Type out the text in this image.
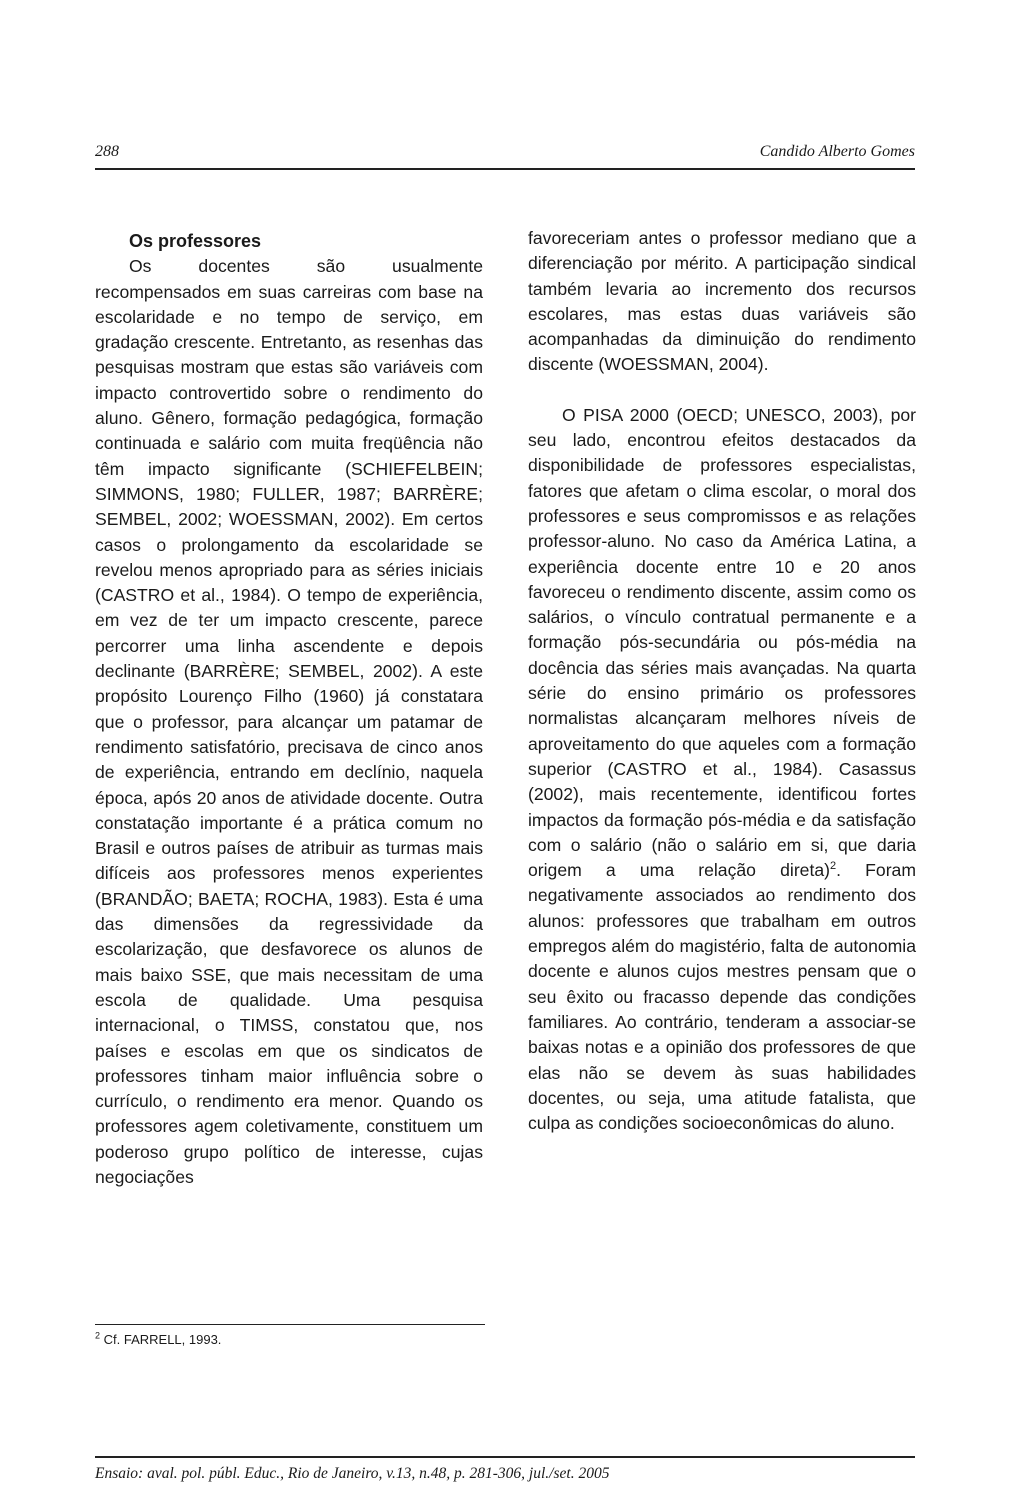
288	Candido Alberto Gomes
Os professores

Os docentes são usualmente recompensados em suas carreiras com base na escolaridade e no tempo de serviço, em gradação crescente. Entretanto, as resenhas das pesquisas mostram que estas são variáveis com impacto controvertido sobre o rendimento do aluno. Gênero, formação pedagógica, formação continuada e salário com muita freqüência não têm impacto significante (SCHIEFELBEIN; SIMMONS, 1980; FULLER, 1987; BARRÈRE; SEMBEL, 2002; WOESSMAN, 2002). Em certos casos o prolongamento da escolaridade se revelou menos apropriado para as séries iniciais (CASTRO et al., 1984). O tempo de experiência, em vez de ter um impacto crescente, parece percorrer uma linha ascendente e depois declinante (BARRÈRE; SEMBEL, 2002). A este propósito Lourenço Filho (1960) já constatara que o professor, para alcançar um patamar de rendimento satisfatório, precisava de cinco anos de experiência, entrando em declínio, naquela época, após 20 anos de atividade docente. Outra constatação importante é a prática comum no Brasil e outros países de atribuir as turmas mais difíceis aos professores menos experientes (BRANDÃO; BAETA; ROCHA, 1983). Esta é uma das dimensões da regressividade da escolarização, que desfavorece os alunos de mais baixo SSE, que mais necessitam de uma escola de qualidade. Uma pesquisa internacional, o TIMSS, constatou que, nos países e escolas em que os sindicatos de professores tinham maior influência sobre o currículo, o rendimento era menor. Quando os professores agem coletivamente, constituem um poderoso grupo político de interesse, cujas negociações

favoreceriam antes o professor mediano que a diferenciação por mérito. A participação sindical também levaria ao incremento dos recursos escolares, mas estas duas variáveis são acompanhadas da diminuição do rendimento discente (WOESSMAN, 2004).

O PISA 2000 (OECD; UNESCO, 2003), por seu lado, encontrou efeitos destacados da disponibilidade de professores especialistas, fatores que afetam o clima escolar, o moral dos professores e seus compromissos e as relações professor-aluno. No caso da América Latina, a experiência docente entre 10 e 20 anos favoreceu o rendimento discente, assim como os salários, o vínculo contratual permanente e a formação pós-secundária ou pós-média na docência das séries mais avançadas. Na quarta série do ensino primário os professores normalistas alcançaram melhores níveis de aproveitamento do que aqueles com a formação superior (CASTRO et al., 1984). Casassus (2002), mais recentemente, identificou fortes impactos da formação pós-média e da satisfação com o salário (não o salário em si, que daria origem a uma relação direta)$^2$. Foram negativamente associados ao rendimento dos alunos: professores que trabalham em outros empregos além do magistério, falta de autonomia docente e alunos cujos mestres pensam que o seu êxito ou fracasso depende das condições familiares. Ao contrário, tenderam a associar-se baixas notas e a opinião dos professores de que elas não se devem às suas habilidades docentes, ou seja, uma atitude fatalista, que culpa as condições socioeconômicas do aluno.

$^2$ Cf. FARRELL, 1993.
Ensaio: aval. pol. públ. Educ., Rio de Janeiro, v.13, n.48, p. 281-306, jul./set. 2005
